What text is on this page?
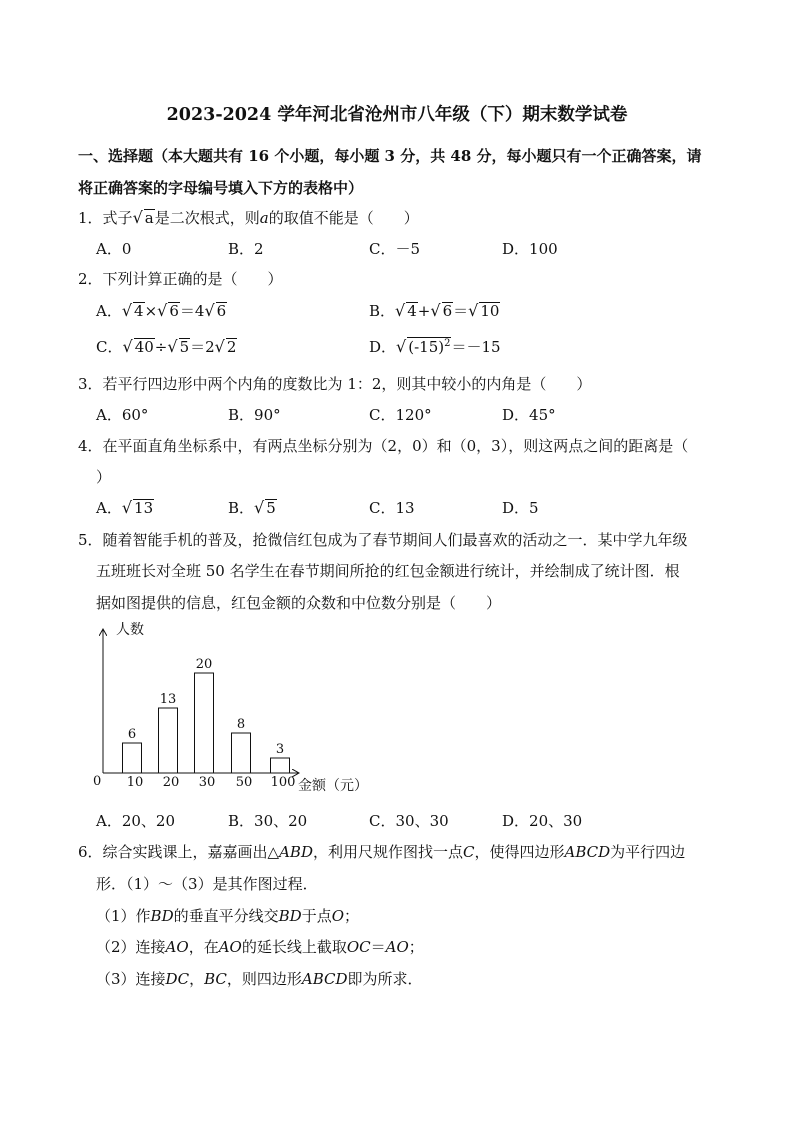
2023-2024 学年河北省沧州市八年级（下）期末数学试卷
一、选择题（本大题共有 16 个小题，每小题 3 分，共 48 分，每小题只有一个正确答案，请
将正确答案的字母编号填入下方的表格中）
1．式子√ a是二次根式，则a的取值不能是（　　）
A．0	B．2	C．－5	D．100
2．下列计算正确的是（　　）
A．√ 4×√ 6＝4√ 6	B．√ 4+√ 6＝√ 10
C．√ 40÷√ 5＝2√ 2	D．√ $(-15)^2=-15$
3．若平行四边形中两个内角的度数比为 1：2，则其中较小的内角是（　　）
A．60°	B．90°	C．120°	D．45°
4．在平面直角坐标系中，有两点坐标分别为（2，0）和（0，3），则这两点之间的距离是（
）
A．√ 13	B．√ 5	C．13	D．5
5．随着智能手机的普及，抢微信红包成为了春节期间人们最喜欢的活动之一．某中学九年级
五班班长对全班 50 名学生在春节期间所抢的红包金额进行统计，并绘制成了统计图．根
据如图提供的信息，红包金额的众数和中位数分别是（　　）
人数
金额（元）
0
6
10
13
20
20
30
8
50
3
100
A．20、20	B．30、20	C．30、30	D．20、30
6．综合实践课上，嘉嘉画出△ABD，利用尺规作图找一点C，使得四边形ABCD为平行四边
形．（1）～（3）是其作图过程．
（1）作BD的垂直平分线交BD于点O；
（2）连接AO，在AO的延长线上截取OC＝AO；
（3）连接DC，BC，则四边形ABCD即为所求．
